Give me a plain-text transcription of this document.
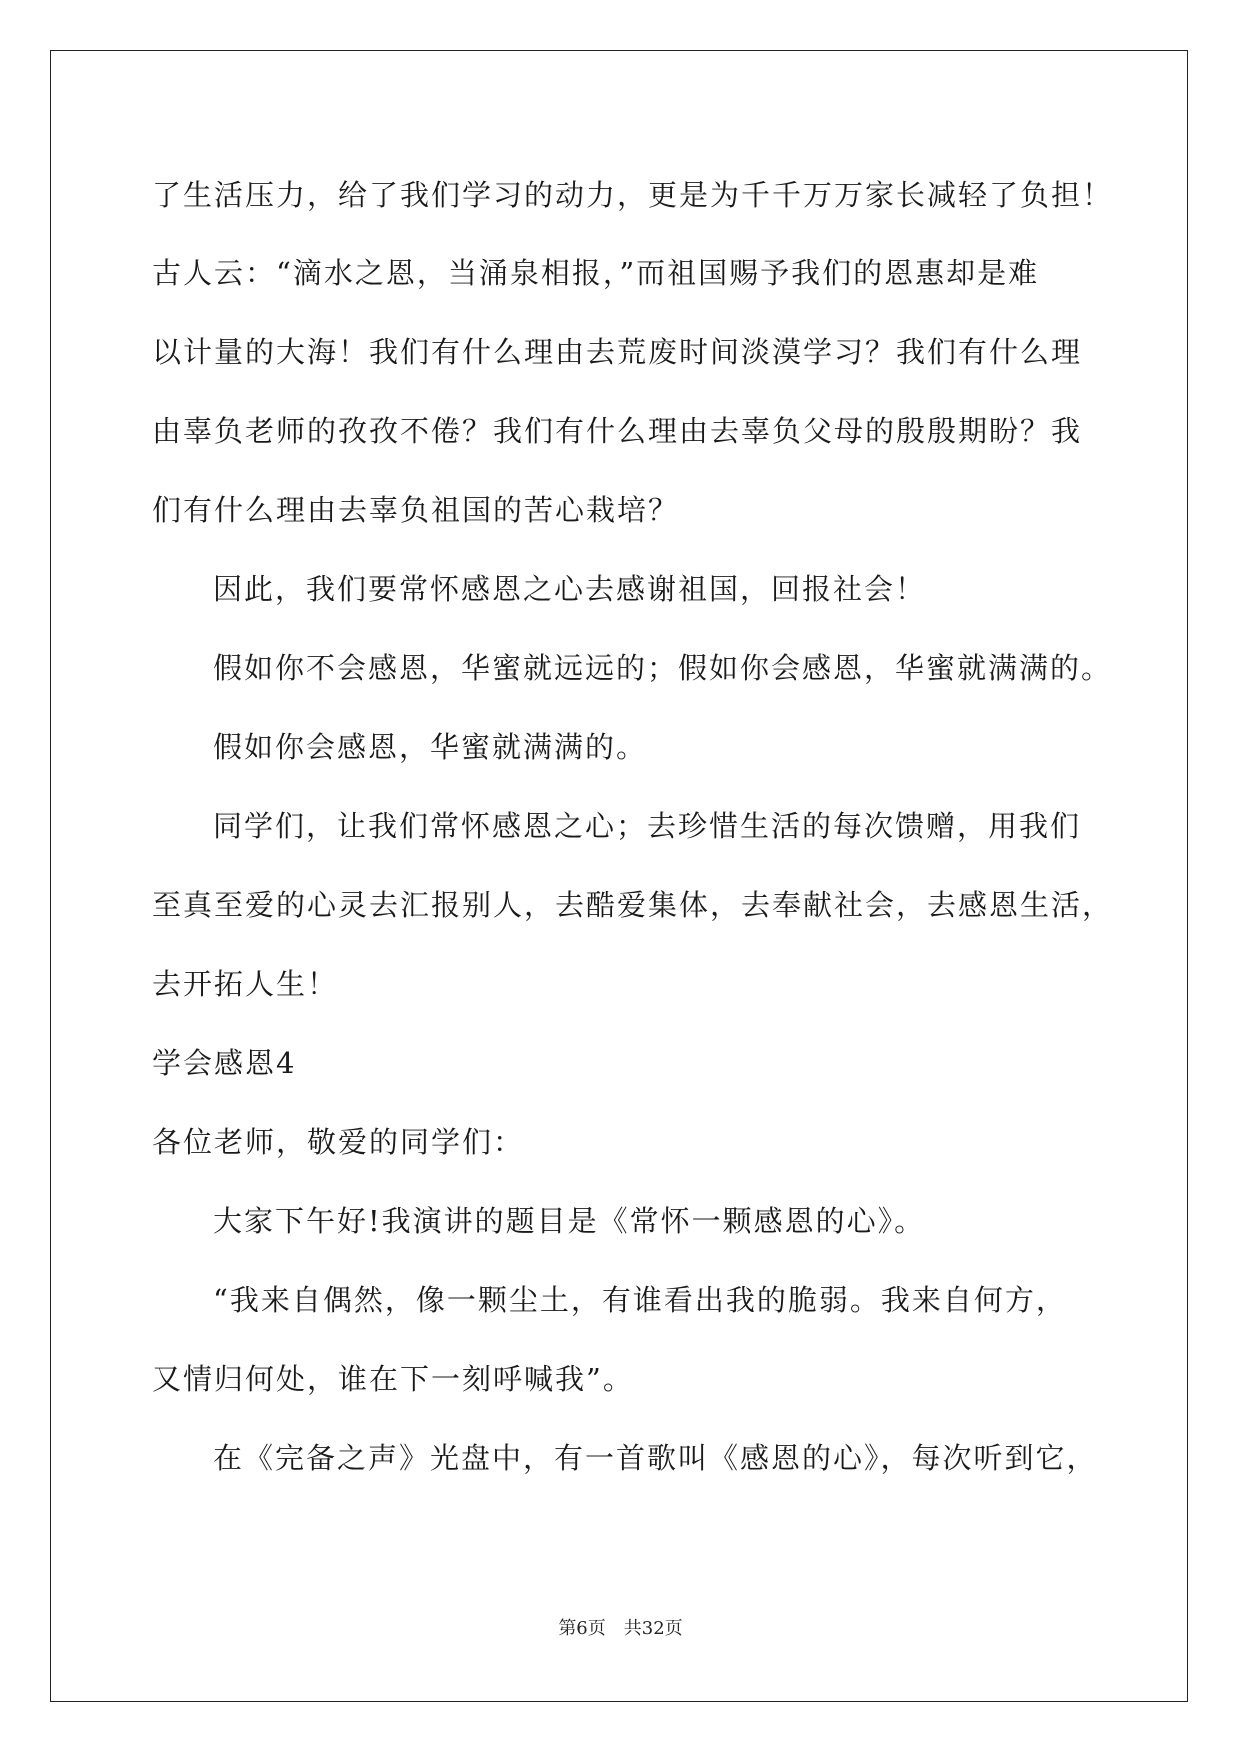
了生活压力，给了我们学习的动力，更是为千千万万家长减轻了负担！
古人云：“滴水之恩，当涌泉相报，”而祖国赐予我们的恩惠却是难
以计量的大海！我们有什么理由去荒废时间淡漠学习？我们有什么理
由辜负老师的孜孜不倦？我们有什么理由去辜负父母的殷殷期盼？我
们有什么理由去辜负祖国的苦心栽培？
因此，我们要常怀感恩之心去感谢祖国，回报社会！
假如你不会感恩，华蜜就远远的；假如你会感恩，华蜜就满满的。
假如你会感恩，华蜜就满满的。
同学们，让我们常怀感恩之心；去珍惜生活的每次馈赠，用我们
至真至爱的心灵去汇报别人，去酷爱集体，去奉献社会，去感恩生活，
去开拓人生！
学会感恩4
各位老师，敬爱的同学们：
大家下午好!我演讲的题目是《常怀一颗感恩的心》。
“我来自偶然，像一颗尘土，有谁看出我的脆弱。我来自何方，
又情归何处，谁在下一刻呼喊我”。
在《完备之声》光盘中，有一首歌叫《感恩的心》，每次听到它，
第6页　共32页
